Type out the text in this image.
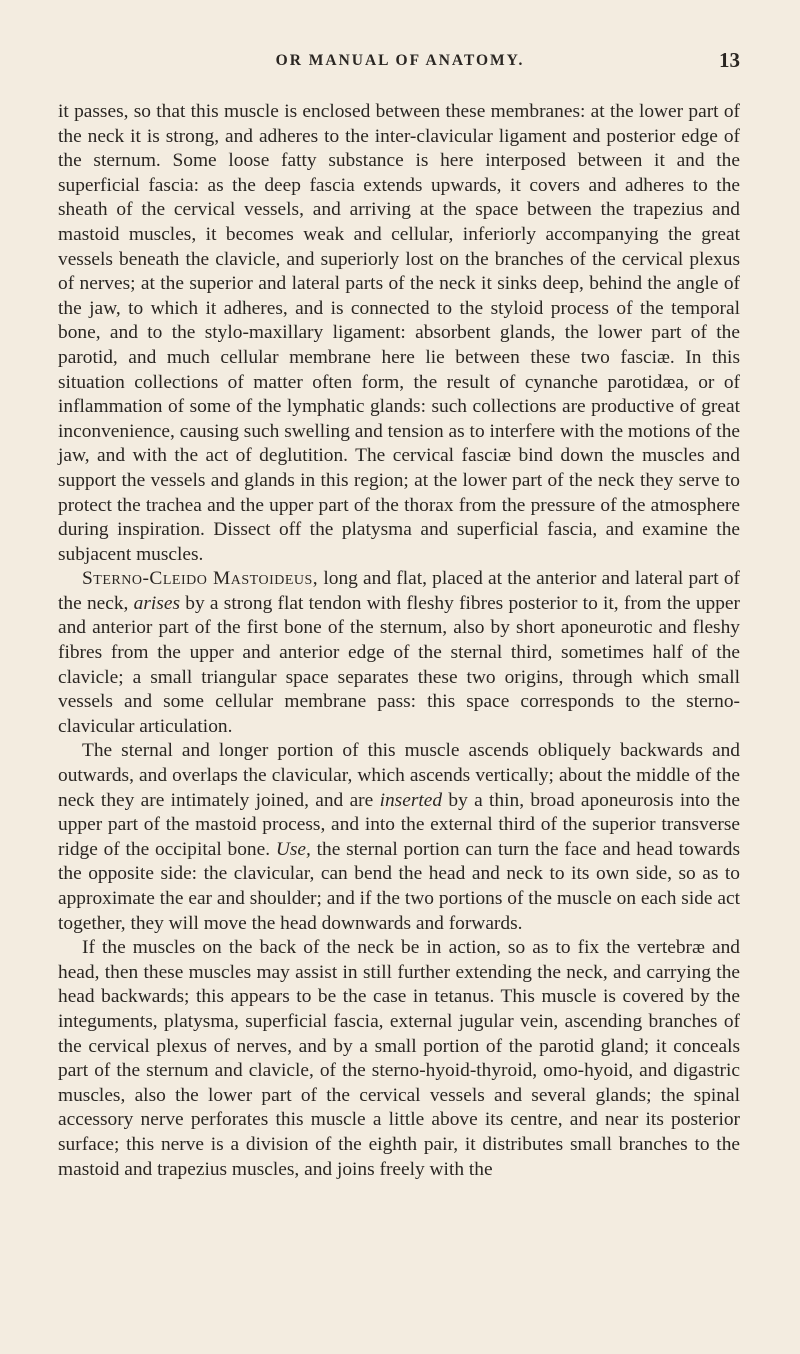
OR MANUAL OF ANATOMY.	13

it passes, so that this muscle is enclosed between these membranes: at the lower part of the neck it is strong, and adheres to the inter-clavicular ligament and posterior edge of the sternum. Some loose fatty substance is here interposed between it and the superficial fascia: as the deep fascia extends upwards, it covers and adheres to the sheath of the cervical vessels, and arriving at the space between the trapezius and mastoid muscles, it becomes weak and cellular, inferiorly accompanying the great vessels beneath the clavicle, and superiorly lost on the branches of the cervical plexus of nerves; at the superior and lateral parts of the neck it sinks deep, behind the angle of the jaw, to which it adheres, and is connected to the styloid process of the temporal bone, and to the stylo-maxillary ligament: absorbent glands, the lower part of the parotid, and much cellular membrane here lie between these two fasciæ. In this situation collections of matter often form, the result of cynanche parotidæa, or of inflammation of some of the lymphatic glands: such collections are productive of great inconvenience, causing such swelling and tension as to interfere with the motions of the jaw, and with the act of deglutition. The cervical fasciæ bind down the muscles and support the vessels and glands in this region; at the lower part of the neck they serve to protect the trachea and the upper part of the thorax from the pressure of the atmosphere during inspiration. Dissect off the platysma and superficial fascia, and examine the subjacent muscles.

Sterno-Cleido Mastoideus, long and flat, placed at the anterior and lateral part of the neck, arises by a strong flat tendon with fleshy fibres posterior to it, from the upper and anterior part of the first bone of the sternum, also by short aponeurotic and fleshy fibres from the upper and anterior edge of the sternal third, sometimes half of the clavicle; a small triangular space separates these two origins, through which small vessels and some cellular membrane pass: this space corresponds to the sterno-clavicular articulation.

The sternal and longer portion of this muscle ascends obliquely backwards and outwards, and overlaps the clavicular, which ascends vertically; about the middle of the neck they are intimately joined, and are inserted by a thin, broad aponeurosis into the upper part of the mastoid process, and into the external third of the superior transverse ridge of the occipital bone. Use, the sternal portion can turn the face and head towards the opposite side: the clavicular, can bend the head and neck to its own side, so as to approximate the ear and shoulder; and if the two portions of the muscle on each side act together, they will move the head downwards and forwards.

If the muscles on the back of the neck be in action, so as to fix the vertebræ and head, then these muscles may assist in still further extending the neck, and carrying the head backwards; this appears to be the case in tetanus. This muscle is covered by the integuments, platysma, superficial fascia, external jugular vein, ascending branches of the cervical plexus of nerves, and by a small portion of the parotid gland; it conceals part of the sternum and clavicle, of the sterno-hyoid-thyroid, omo-hyoid, and digastric muscles, also the lower part of the cervical vessels and several glands; the spinal accessory nerve perforates this muscle a little above its centre, and near its posterior surface; this nerve is a division of the eighth pair, it distributes small branches to the mastoid and trapezius muscles, and joins freely with the
